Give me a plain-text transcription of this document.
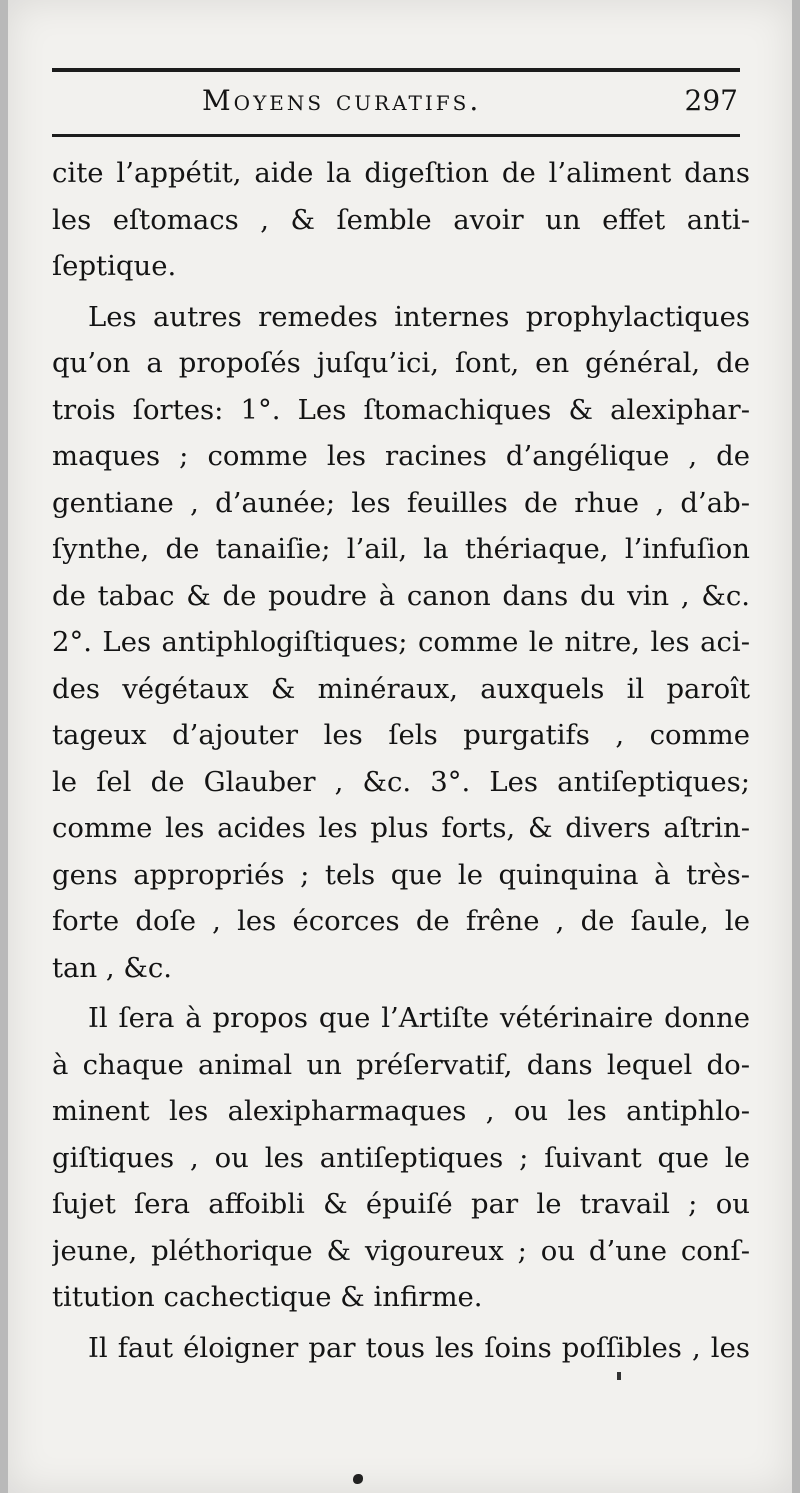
Moyens curatifs.	297
cite l’appétit, aide la digeſtion de l’aliment dans
les eſtomacs , & ſemble avoir un effet anti-
ſeptique.
Les autres remedes internes prophylactiques
qu’on a propoſés juſqu’ici, ſont, en général, de
trois ſortes: 1°. Les ſtomachiques & alexiphar-
maques ; comme les racines d’angélique , de
gentiane , d’aunée; les feuilles de rhue , d’ab-
ſynthe, de tanaiſie; l’ail, la thériaque, l’infuſion
de tabac & de poudre à canon dans du vin , &c.
2°. Les antiphlogiſtiques; comme le nitre, les aci-
des végétaux & minéraux, auxquels il paroît
tageux d’ajouter les ſels purgatifs , comme
le ſel de Glauber , &c. 3°. Les antiſeptiques;
comme les acides les plus forts, & divers aſtrin-
gens appropriés ; tels que le quinquina à très-
forte doſe , les écorces de frêne , de ſaule, le
tan , &c.
Il ſera à propos que l’Artiſte vétérinaire donne
à chaque animal un préſervatif, dans lequel do-
minent les alexipharmaques , ou les antiphlo-
giſtiques , ou les antiſeptiques ; ſuivant que le
ſujet ſera affoibli & épuiſé par le travail ; ou
jeune, pléthorique & vigoureux ; ou d’une conſ-
titution cachectique & infirme.
Il faut éloigner par tous les ſoins poſſibles , les
